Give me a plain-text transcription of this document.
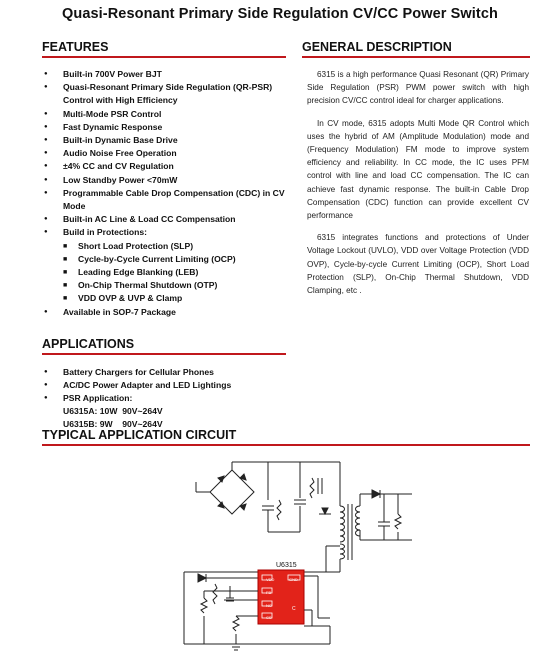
Quasi-Resonant Primary Side Regulation CV/CC Power Switch
FEATURES
● Built-in 700V Power BJT
● Quasi-Resonant Primary Side Regulation (QR-PSR) Control with High Efficiency
● Multi-Mode PSR Control
● Fast Dynamic Response
● Built-in Dynamic Base Drive
● Audio Noise Free Operation
● ±4% CC and CV Regulation
● Low Standby Power <70mW
● Programmable Cable Drop Compensation (CDC) in CV Mode
● Built-in AC Line & Load CC Compensation
● Build in Protections:
■ Short Load Protection (SLP)
■ Cycle-by-Cycle Current Limiting (OCP)
■ Leading Edge Blanking (LEB)
■ On-Chip Thermal Shutdown (OTP)
■ VDD OVP & UVP & Clamp
● Available in SOP-7 Package
GENERAL DESCRIPTION

6315 is a high performance Quasi Resonant (QR) Primary Side Regulation (PSR) PWM power switch with high precision CV/CC control ideal for charger applications.

In CV mode, 6315 adopts Multi Mode QR Control which uses the hybrid of AM (Amplitude Modulation) mode and (Frequency Modulation) FM mode to improve system efficiency and reliability. In CC mode, the IC uses PFM control with line and load CC compensation. The IC can achieve fast dynamic response. The built-in Cable Drop Compensation (CDC) function can provide excellent CV performance

6315 integrates functions and protections of Under Voltage Lockout (UVLO), VDD over Voltage Protection (VDD OVP), Cycle-by-cycle Current Limiting (OCP), Short Load Protection (SLP), On-Chip Thermal Shutdown, VDD Clamping, etc .

APPLICATIONS
● Battery Chargers for Cellular Phones
● AC/DC Power Adapter and LED Lightings
● PSR Application:
U6315A: 10W  90V~264V
U6315B: 9W    90V~264V
TYPICAL APPLICATION CIRCUIT
U6315
VDD
FB
NC
CS
GND
C
